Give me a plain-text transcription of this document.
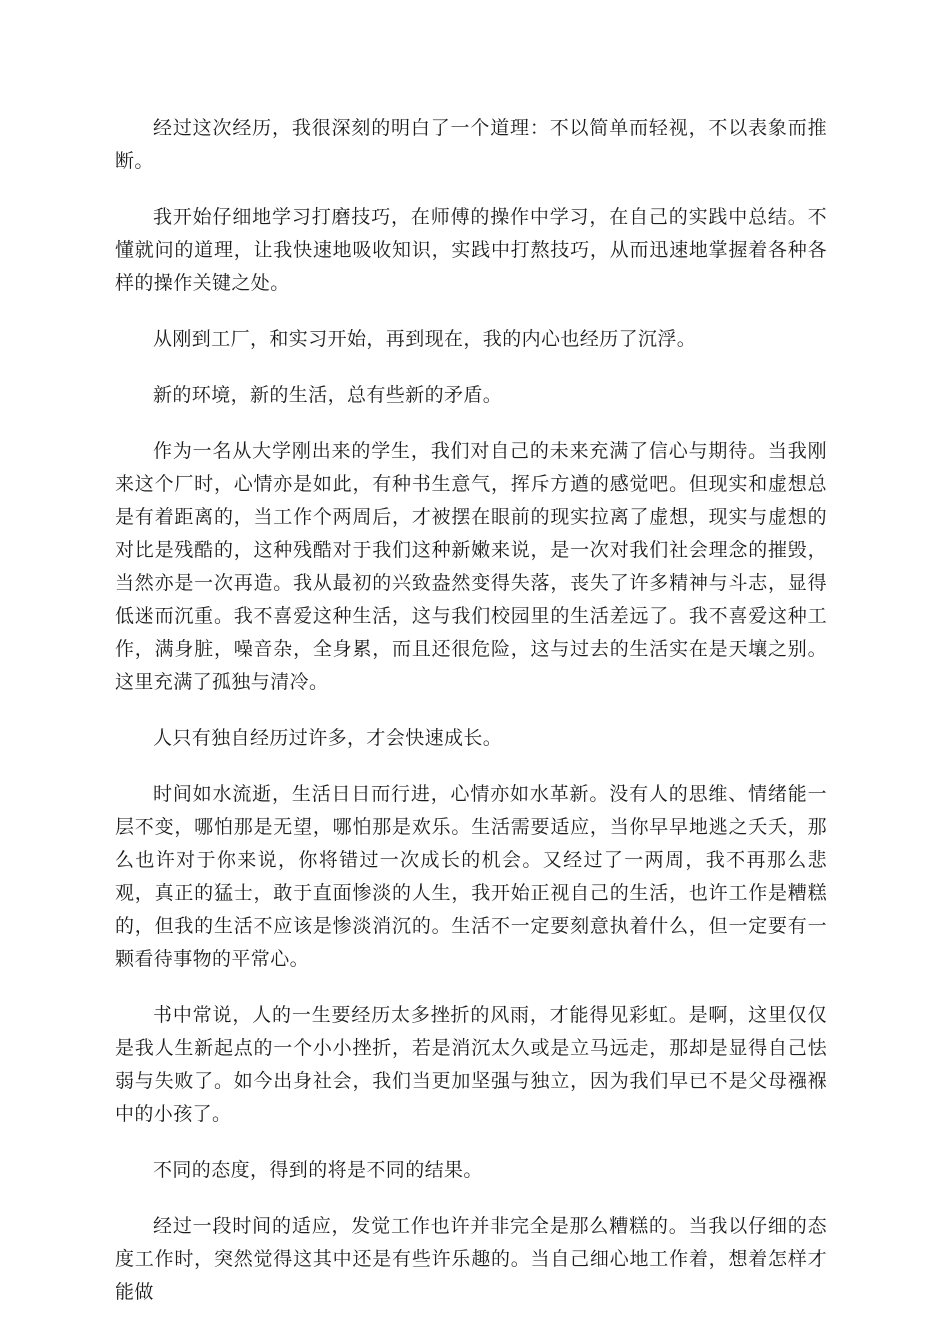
经过这次经历，我很深刻的明白了一个道理：不以简单而轻视，不以表象而推断。

我开始仔细地学习打磨技巧，在师傅的操作中学习，在自己的实践中总结。不懂就问的道理，让我快速地吸收知识，实践中打熬技巧，从而迅速地掌握着各种各样的操作关键之处。

从刚到工厂，和实习开始，再到现在，我的内心也经历了沉浮。

新的环境，新的生活，总有些新的矛盾。

作为一名从大学刚出来的学生，我们对自己的未来充满了信心与期待。当我刚来这个厂时，心情亦是如此，有种书生意气，挥斥方遒的感觉吧。但现实和虚想总是有着距离的，当工作个两周后，才被摆在眼前的现实拉离了虚想，现实与虚想的对比是残酷的，这种残酷对于我们这种新嫩来说，是一次对我们社会理念的摧毁，当然亦是一次再造。我从最初的兴致盎然变得失落，丧失了许多精神与斗志，显得低迷而沉重。我不喜爱这种生活，这与我们校园里的生活差远了。我不喜爱这种工作，满身脏，噪音杂，全身累，而且还很危险，这与过去的生活实在是天壤之别。这里充满了孤独与清冷。

人只有独自经历过许多，才会快速成长。

时间如水流逝，生活日日而行进，心情亦如水革新。没有人的思维、情绪能一层不变，哪怕那是无望，哪怕那是欢乐。生活需要适应，当你早早地逃之夭夭，那么也许对于你来说，你将错过一次成长的机会。又经过了一两周，我不再那么悲观，真正的猛士，敢于直面惨淡的人生，我开始正视自己的生活，也许工作是糟糕的，但我的生活不应该是惨淡消沉的。生活不一定要刻意执着什么，但一定要有一颗看待事物的平常心。

书中常说，人的一生要经历太多挫折的风雨，才能得见彩虹。是啊，这里仅仅是我人生新起点的一个小小挫折，若是消沉太久或是立马远走，那却是显得自己怯弱与失败了。如今出身社会，我们当更加坚强与独立，因为我们早已不是父母襁褓中的小孩了。

不同的态度，得到的将是不同的结果。

经过一段时间的适应，发觉工作也许并非完全是那么糟糕的。当我以仔细的态度工作时，突然觉得这其中还是有些许乐趣的。当自己细心地工作着，想着怎样才能做
